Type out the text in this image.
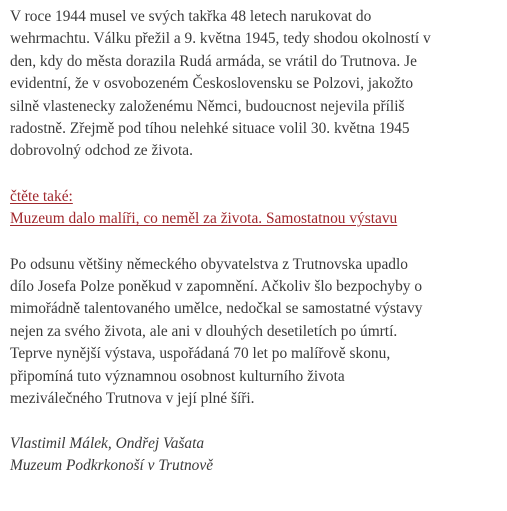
V roce 1944 musel ve svých takřka 48 letech narukovat do
wehrmachtu. Válku přežil a 9. května 1945, tedy shodou okolností v
den, kdy do města dorazila Rudá armáda, se vrátil do Trutnova. Je
evidentní, že v osvobozeném Československu se Polzovi, jakožto
silně vlastenecky založenému Němci, budoucnost nejevila příliš
radostně. Zřejmě pod tíhou nelehké situace volil 30. května 1945
dobrovolný odchod ze života.

čtěte také:
Muzeum dalo malíři, co neměl za života. Samostatnou výstavu

Po odsunu většiny německého obyvatelstva z Trutnovska upadlo
dílo Josefa Polze poněkud v zapomnění. Ačkoliv šlo bezpochyby o
mimořádně talentovaného umělce, nedočkal se samostatné výstavy
nejen za svého života, ale ani v dlouhých desetiletích po úmrtí.
Teprve nynější výstava, uspořádaná 70 let po malířově skonu,
připomíná tuto významnou osobnost kulturního života
meziválečného Trutnova v její plné šíři.

Vlastimil Málek, Ondřej Vašata
Muzeum Podkrkonoší v Trutnově
